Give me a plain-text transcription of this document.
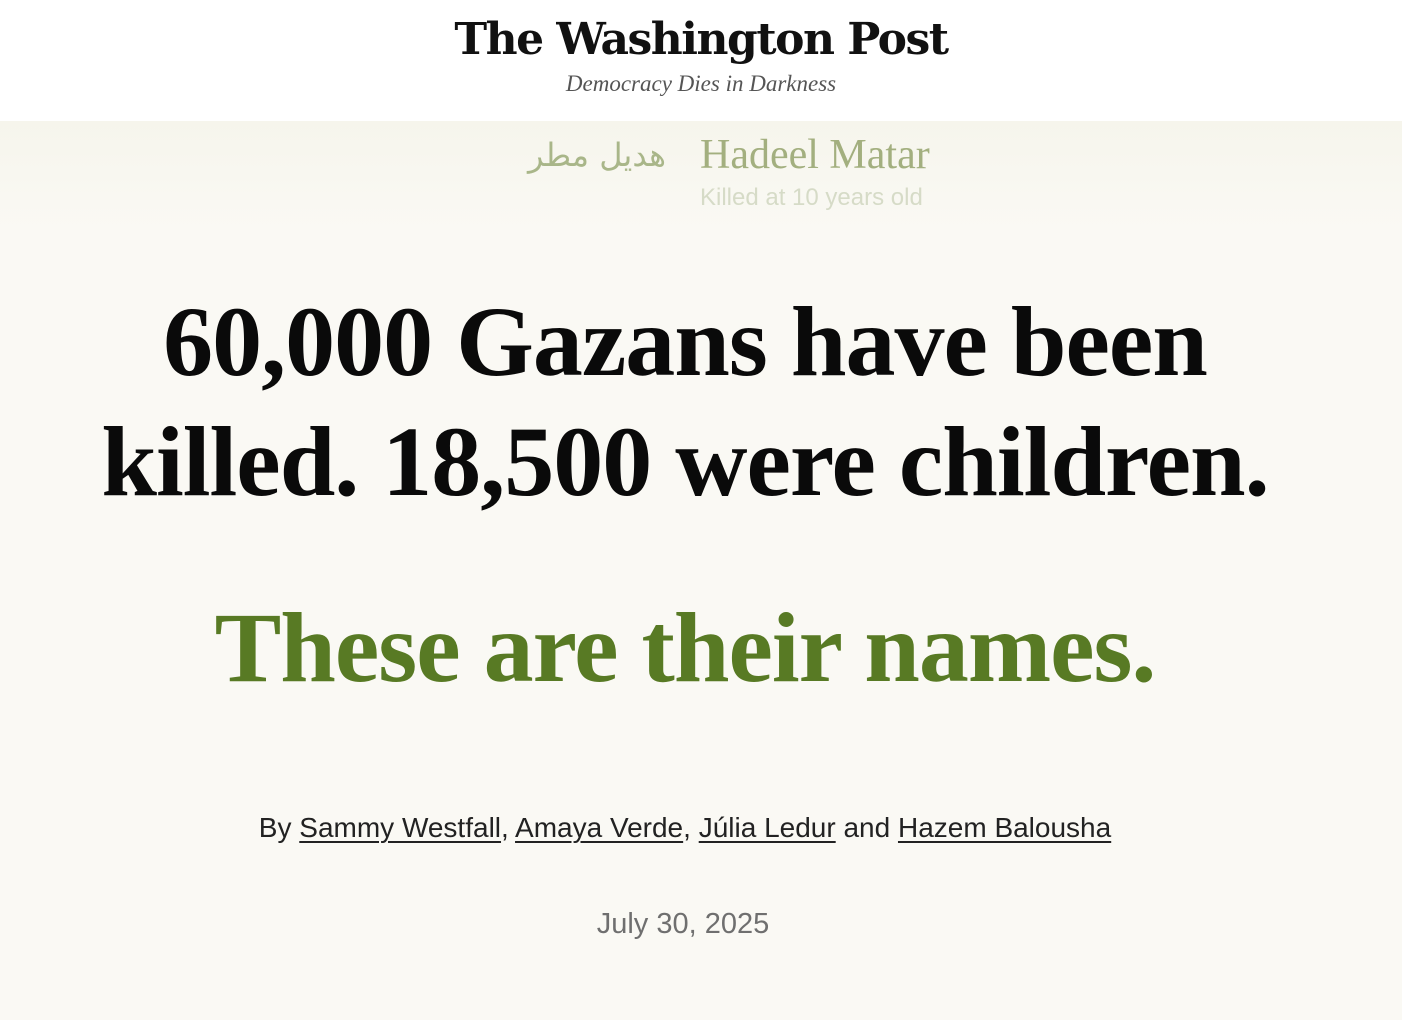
The Washington Post
Democracy Dies in Darkness
هديل مطر Hadeel Matar
Killed at 10 years old
60,000 Gazans have been
killed. 18,500 were children.
These are their names.
By Sammy Westfall, Amaya Verde, Júlia Ledur and Hazem Balousha
July 30, 2025
